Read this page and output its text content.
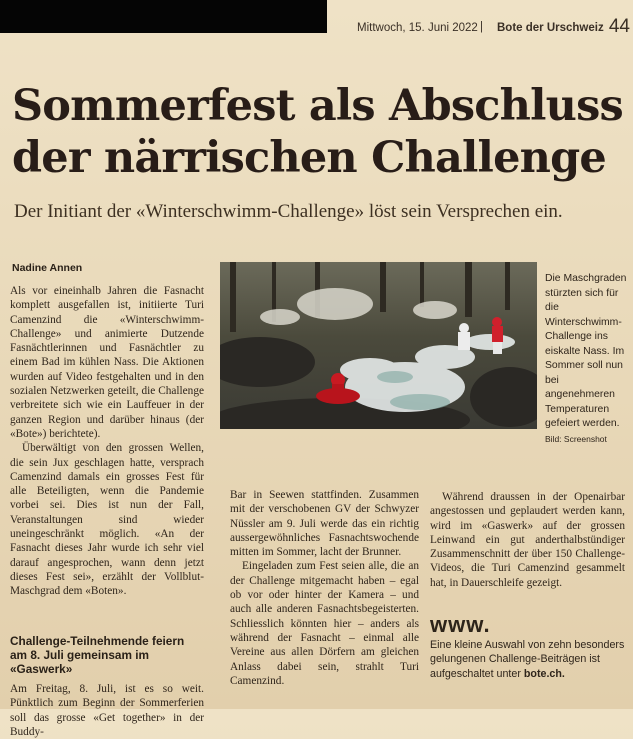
Mittwoch, 15. Juni 2022 | Bote der Urschweiz 44
Sommerfest als Abschluss der närrischen Challenge
Der Initiant der «Winterschwimm-Challenge» löst sein Versprechen ein.
Nadine Annen

Als vor eineinhalb Jahren die Fasnacht komplett ausgefallen ist, initiierte Turi Camenzind die «Winterschwimm-Challenge» und animierte Dutzende Fasnächtlerinnen und Fasnächtler zu einem Bad im kühlen Nass. Die Aktionen wurden auf Video festgehalten und in den sozialen Netzwerken geteilt, die Challenge verbreitete sich wie ein Lauffeuer in der ganzen Region und darüber hinaus (der «Bote») berichtete).

Überwältigt von den grossen Wellen, die sein Jux geschlagen hatte, versprach Camenzind damals ein grosses Fest für alle Beteiligten, wenn die Pandemie vorbei sei. Dies ist nun der Fall, Veranstaltungen sind wieder uneingeschränkt möglich. «An der Fasnacht dieses Jahr wurde ich sehr viel darauf angesprochen, wann denn jetzt dieses Fest sei», erzählt der Vollblut-Maschgrad dem «Boten».

Challenge-Teilnehmende feiern am 8. Juli gemeinsam im «Gaswerk»

Am Freitag, 8. Juli, ist es so weit. Pünktlich zum Beginn der Sommerferien soll das grosse «Get together» in der Buddy-

Die Maschgraden stürzten sich für die Winterschwimm-Challenge ins eiskalte Nass. Im Sommer soll nun bei angenehmeren Temperaturen gefeiert werden. Bild: Screenshot

Bar in Seewen stattfinden. Zusammen mit der verschobenen GV der Schwyzer Nüssler am 9. Juli werde das ein richtig aussergewöhnliches Fasnachtswochende mitten im Sommer, lacht der Brunner.

Eingeladen zum Fest seien alle, die an der Challenge mitgemacht haben – egal ob vor oder hinter der Kamera – und auch alle anderen Fasnachtsbegeisterten. Schliesslich könnten hier – anders als während der Fasnacht – einmal alle Vereine aus allen Dörfern am gleichen Anlass dabei sein, strahlt Turi Camenzind.

Während draussen in der Openairbar angestossen und geplaudert werden kann, wird im «Gaswerk» auf der grossen Leinwand ein gut anderthalbstündiger Zusammenschnitt der über 150 Challenge-Videos, die Turi Camenzind gesammelt hat, in Dauerschleife gezeigt.

www.
Eine kleine Auswahl von zehn besonders gelungenen Challenge-Beiträgen ist aufgeschaltet unter bote.ch.
